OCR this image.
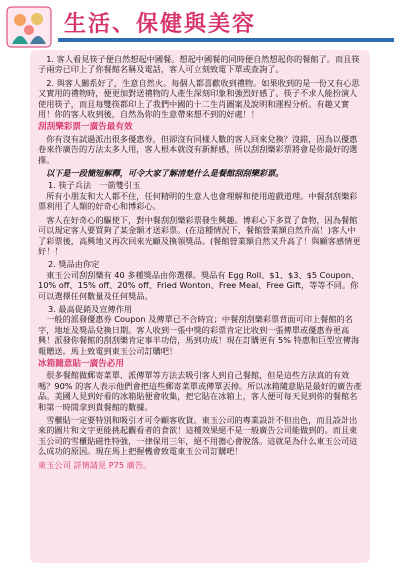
生活、保健與美容

1. 客人看見筷子便自然想起中國餐。想起中國餐的同時便自然想起你的餐館了。而且筷子兩旁已印上了你餐館名稱及電話，客人可立刻致電下單或查詢了。

2. 與客人關系好了，生意自然火。每個人都喜歡收到禮物。如果收到的是一份又有心思又實用的禮物時，便更加對送禮物的人產生深刻印象和強烈好感了。筷子不求人能扮演人使用筷子，而且每雙筷都印上了我們中國的十二生肖圖案及說明和運程分析。有趣又實用！你的客人收到後，自然為你的生意帶來想不到的好處！！

刮刮樂彩票一廣告最有效

你有沒有試過派出很多優惠券，但卻沒有同樣人數的客人回來兌換？沒錯，因為以優惠卷來作廣告的方法太多人用，客人根本就沒有新鮮感，所以刮刮樂彩票將會是你最好的選擇。

以下是一段簡短解釋，可令大家了解清楚什么是餐館刮刮樂彩票。
1. 筷子兵法　一箭雙引玉

所有小朋友和大人都不住，任何精明的生意人也會理解和使用遊戲道理。中餐刮刮樂彩票利用了人類的好奇心和博彩心。

客人在好奇心的驅使下，對中餐刮刮樂彩票發生興趣。博彩心下多買了食物，因為餐館可以規定客人要買夠了某金額才送彩票。(在這種情況下，餐館營業額自然升高！)客人中了彩票後，高興地又再次回來光顧及換領獎品。(餐館營業額自然又升高了！與顧客感情更好！！

2. 獎品由你定

東玉公司刮刮樂有 40 多種獎品由你選擇。獎品有 Egg Roll、$1、$3、$5 Coupon、10% off、15% off、20% off、Fried Wonton、Free Meal、Free Gift，等等不同。你可以選擇任何數量及任何獎品。

3. 最高促銷及宣傳作用

一般的派發優惠券 Coupon 及傳單已不合時宜；中餐刮刮樂彩票背面可印上餐館的名字，地址及獎品兌換日期。客人收到一張中獎的彩票肯定比收到一張傳單或優惠券更高興！派發你餐館的刮刮樂肯定事半功倍，馬到功成！現在訂購更有 5% 特惠和巨型宣傳海報贈送。馬上致電到東玉公司訂購吧！

冰箱隨意貼一廣告必用

很多餐館做郵寄菜單、派傳單等方法去吸引客人到自己餐館，但是這些方法真的有效嗎？90% 的客人表示他們會把這些郵寄菜單或傳單丟掉。所以冰箱隨意貼是最好的廣告產品。美國人見到好看的冰箱貼便會收集，把它貼在冰箱上，客人便可每天見到你的餐館名和第一時間拿到貴餐館的數據。

雪櫃貼一定要特別和吸引才可令顧客收貨。東玉公司的專業設計不但出色，而且設計出來的圖片和文字更能挑起觀看者的食欲！這種效果絕不是一般廣告公司能做到的。而且東玉公司的雪櫃貼磁性特強，一律保用三年，絕不用擔心會脫落。這就是為什么東玉公司這么成功的原因。現在馬上把握機會致電東玉公司訂購吧！

東玉公司 詳情請見 P75 廣告。
